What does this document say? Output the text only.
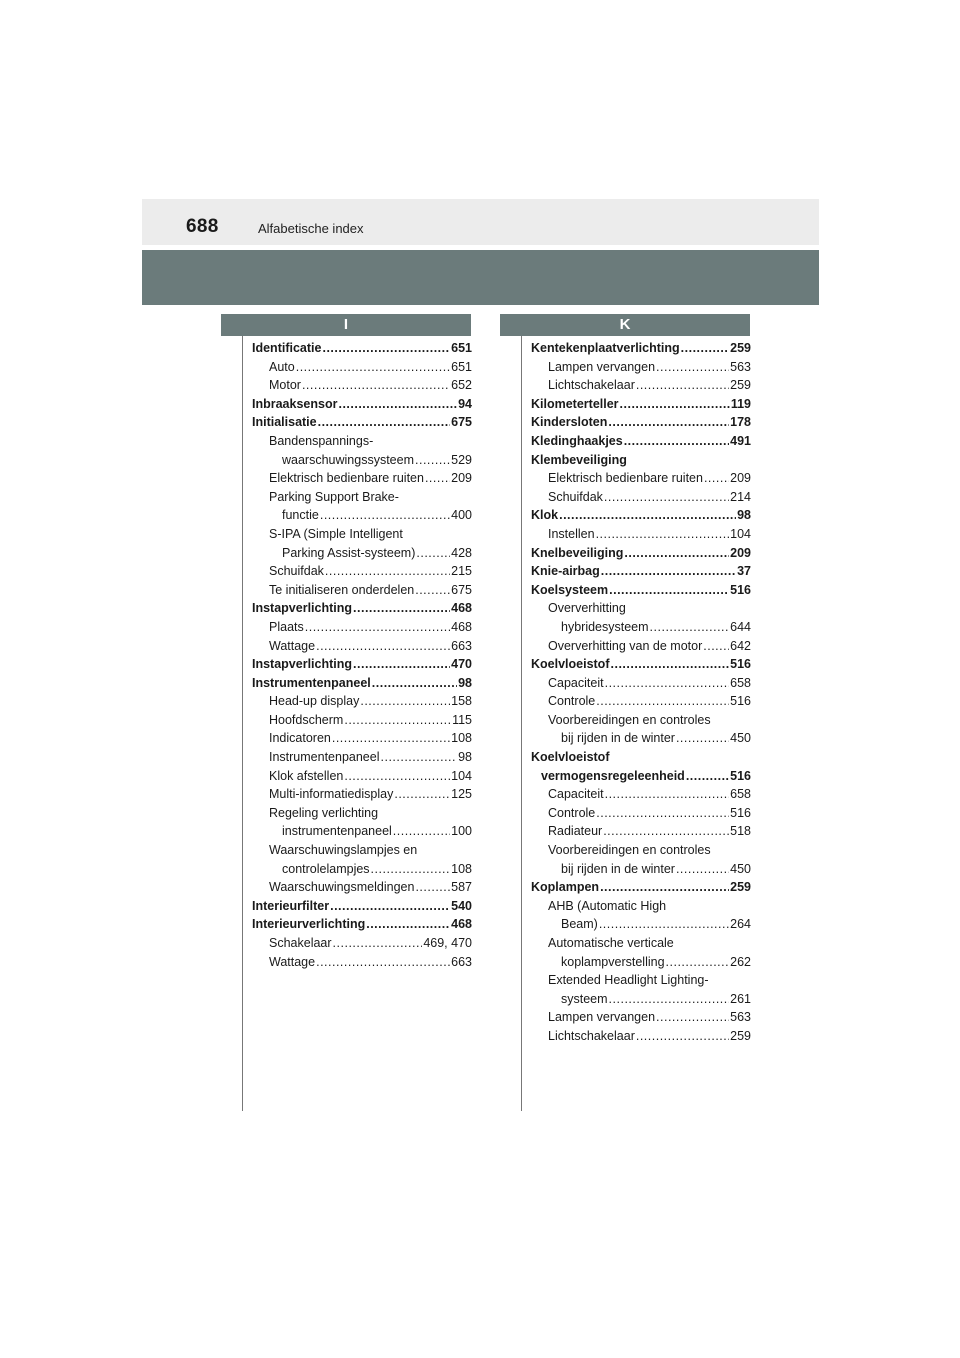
688	Alfabetische index
I	K
Identificatie .....	651
Auto .....	651
Motor .....	652
Inbraaksensor .....	94
Initialisatie .....	675
Bandenspannings-
waarschuwingssysteem .....	529
Elektrisch bedienbare ruiten ..... 209
Parking Support Brake-
functie .....	400
S-IPA (Simple Intelligent
Parking Assist-systeem) .....	428
Schuifdak .....	215
Te initialiseren onderdelen .....	675
Instapverlichting .....	468
Plaats .....	468
Wattage .....	663
Instapverlichting .....	470
Instrumentenpaneel .....	98
Head-up display .....	158
Hoofdscherm .....	115
Indicatoren .....	108
Instrumentenpaneel .....	98
Klok afstellen .....	104
Multi-informatiedisplay .....	125
Regeling verlichting
instrumentenpaneel .....	100
Waarschuwingslampjes en
controlelampjes .....	108
Waarschuwingsmeldingen .....	587
Interieurfilter .....	540
Interieurverlichting .....	468
Schakelaar .....	469, 470
Wattage .....	663
Kentekenplaatverlichting .....	259
Lampen vervangen .....	563
Lichtschakelaar .....	259
Kilometerteller .....	119
Kindersloten .....	178
Kledinghaakjes .....	491
Klembeveiliging
Elektrisch bedienbare ruiten ..... 209
Schuifdak .....	214
Klok .....	98
Instellen .....	104
Knelbeveiliging .....	209
Knie-airbag .....	37
Koelsysteem .....	516
Oververhitting
hybridesysteem .....	644
Oververhitting van de motor ..... 642
Koelvloeistof .....	516
Capaciteit .....	658
Controle .....	516
Voorbereidingen en controles
bij rijden in de winter .....	450
Koelvloeistof
vermogensregeleenheid .....	516
Capaciteit .....	658
Controle .....	516
Radiateur .....	518
Voorbereidingen en controles
bij rijden in de winter .....	450
Koplampen .....	259
AHB (Automatic High
Beam) .....	264
Automatische verticale
koplampverstelling .....	262
Extended Headlight Lighting-
systeem .....	261
Lampen vervangen .....	563
Lichtschakelaar .....	259
